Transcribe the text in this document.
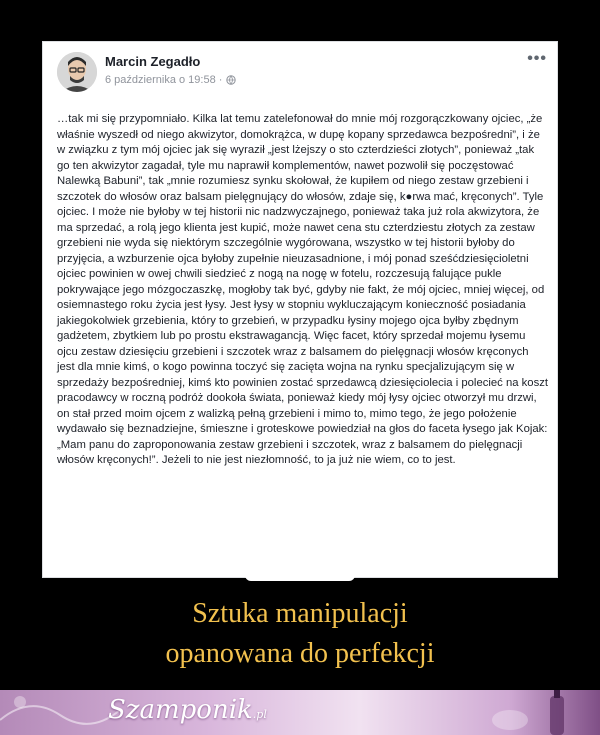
Marcin Zegadło
6 października o 19:58 ·
•••

…tak mi się przypomniało. Kilka lat temu zatelefonował do mnie mój rozgorączkowany ojciec, „że właśnie wyszedł od niego akwizytor, domokrążca, w dupę kopany sprzedawca bezpośredni”, i że w związku z tym mój ojciec jak się wyraził „jest lżejszy o sto czterdzieści złotych”, ponieważ „tak go ten akwizytor zagadał, tyle mu naprawił komplementów, nawet pozwolił się poczęstować Nalewką Babuni”, tak „mnie rozumiesz synku skołował, że kupiłem od niego zestaw grzebieni i szczotek do włosów oraz balsam pielęgnujący do włosów, zdaje się, k●rwa mać, kręconych”. Tyle ojciec. I może nie byłoby w tej historii nic nadzwyczajnego, ponieważ taka już rola akwizytora, że ma sprzedać, a rolą jego klienta jest kupić, może nawet cena stu czterdziestu złotych za zestaw grzebieni nie wyda się niektórym szczególnie wygórowana, wszystko w tej historii byłoby do przyjęcia, a wzburzenie ojca byłoby zupełnie nieuzasadnione, i mój ponad sześćdziesięcioletni ojciec powinien w owej chwili siedzieć z nogą na nogę w fotelu, rozczesują falujące pukle pokrywające jego mózgoczaszkę, mogłoby tak być, gdyby nie fakt, że mój ojciec, mniej więcej, od osiemnastego roku życia jest łysy. Jest łysy w stopniu wykluczającym konieczność posiadania jakiegokolwiek grzebienia, który to grzebień, w przypadku łysiny mojego ojca byłby zbędnym gadżetem, zbytkiem lub po prostu ekstrawagancją. Więc facet, który sprzedał mojemu łysemu ojcu zestaw dziesięciu grzebieni i szczotek wraz z balsamem do pielęgnacji włosów kręconych jest dla mnie kimś, o kogo powinna toczyć się zacięta wojna na rynku specjalizującym się w sprzedaży bezpośredniej, kimś kto powinien zostać sprzedawcą dziesięciolecia i polecieć na koszt pracodawcy w roczną podróż dookoła świata, ponieważ kiedy mój łysy ojciec otworzył mu drzwi, on stał przed moim ojcem z walizką pełną grzebieni i mimo to, mimo tego, że jego położenie wydawało się beznadziejne, śmieszne i groteskowe powiedział na głos do faceta łysego jak Kojak: „Mam panu do zaproponowania zestaw grzebieni i szczotek, wraz z balsamem do pielęgnacji włosów kręconych!”. Jeżeli to nie jest niezłomność, to ja już nie wiem, co to jest.

Sztuka manipulacji
opanowana do perfekcji
Szamponik.pl
